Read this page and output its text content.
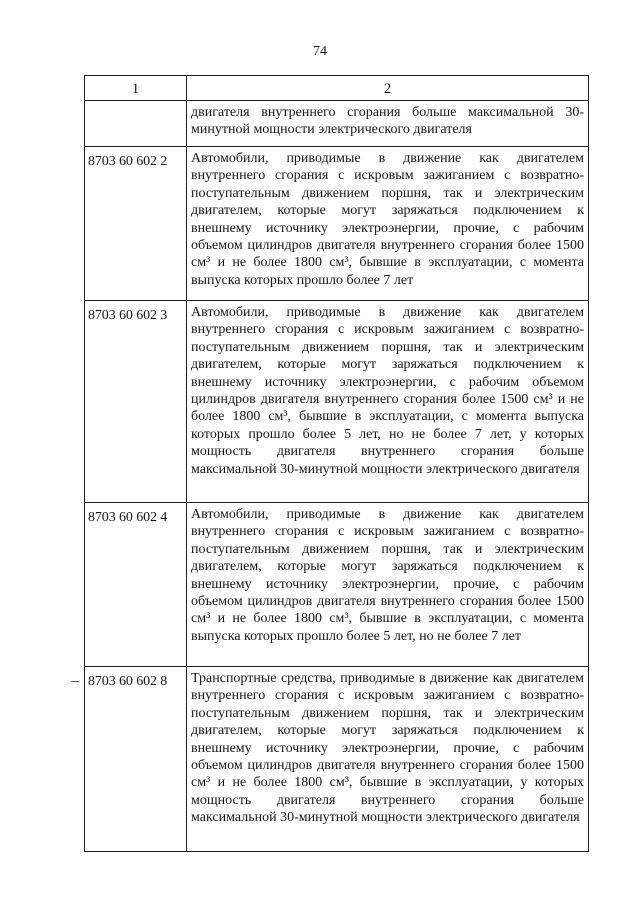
74
1	2

	двигателя внутреннего сгорания больше максимальной 30-минутной мощности электрического двигателя

8703 60 602 2	Автомобили, приводимые в движение как двигателем внутреннего сгорания с искровым зажиганием с возвратно-поступательным движением поршня, так и электрическим двигателем, которые могут заряжаться подключением к внешнему источнику электроэнергии, прочие, с рабочим объемом цилиндров двигателя внутреннего сгорания более 1500 см³ и не более 1800 см³, бывшие в эксплуатации, с момента выпуска которых прошло более 7 лет

8703 60 602 3	Автомобили, приводимые в движение как двигателем внутреннего сгорания с искровым зажиганием с возвратно-поступательным движением поршня, так и электрическим двигателем, которые могут заряжаться подключением к внешнему источнику электроэнергии, с рабочим объемом цилиндров двигателя внутреннего сгорания более 1500 см³ и не более 1800 см³, бывшие в эксплуатации, с момента выпуска которых прошло более 5 лет, но не более 7 лет, у которых мощность двигателя внутреннего сгорания больше максимальной 30-минутной мощности электрического двигателя

8703 60 602 4	Автомобили, приводимые в движение как двигателем внутреннего сгорания с искровым зажиганием с возвратно-поступательным движением поршня, так и электрическим двигателем, которые могут заряжаться подключением к внешнему источнику электроэнергии, прочие, с рабочим объемом цилиндров двигателя внутреннего сгорания более 1500 см³ и не более 1800 см³, бывшие в эксплуатации, с момента выпуска которых прошло более 5 лет, но не более 7 лет

8703 60 602 8	Транспортные средства, приводимые в движение как двигателем внутреннего сгорания с искровым зажиганием с возвратно-поступательным движением поршня, так и электрическим двигателем, которые могут заряжаться подключением к внешнему источнику электроэнергии, прочие, с рабочим объемом цилиндров двигателя внутреннего сгорания более 1500 см³ и не более 1800 см³, бывшие в эксплуатации, у которых мощность двигателя внутреннего сгорания больше максимальной 30-минутной мощности электрического двигателя
